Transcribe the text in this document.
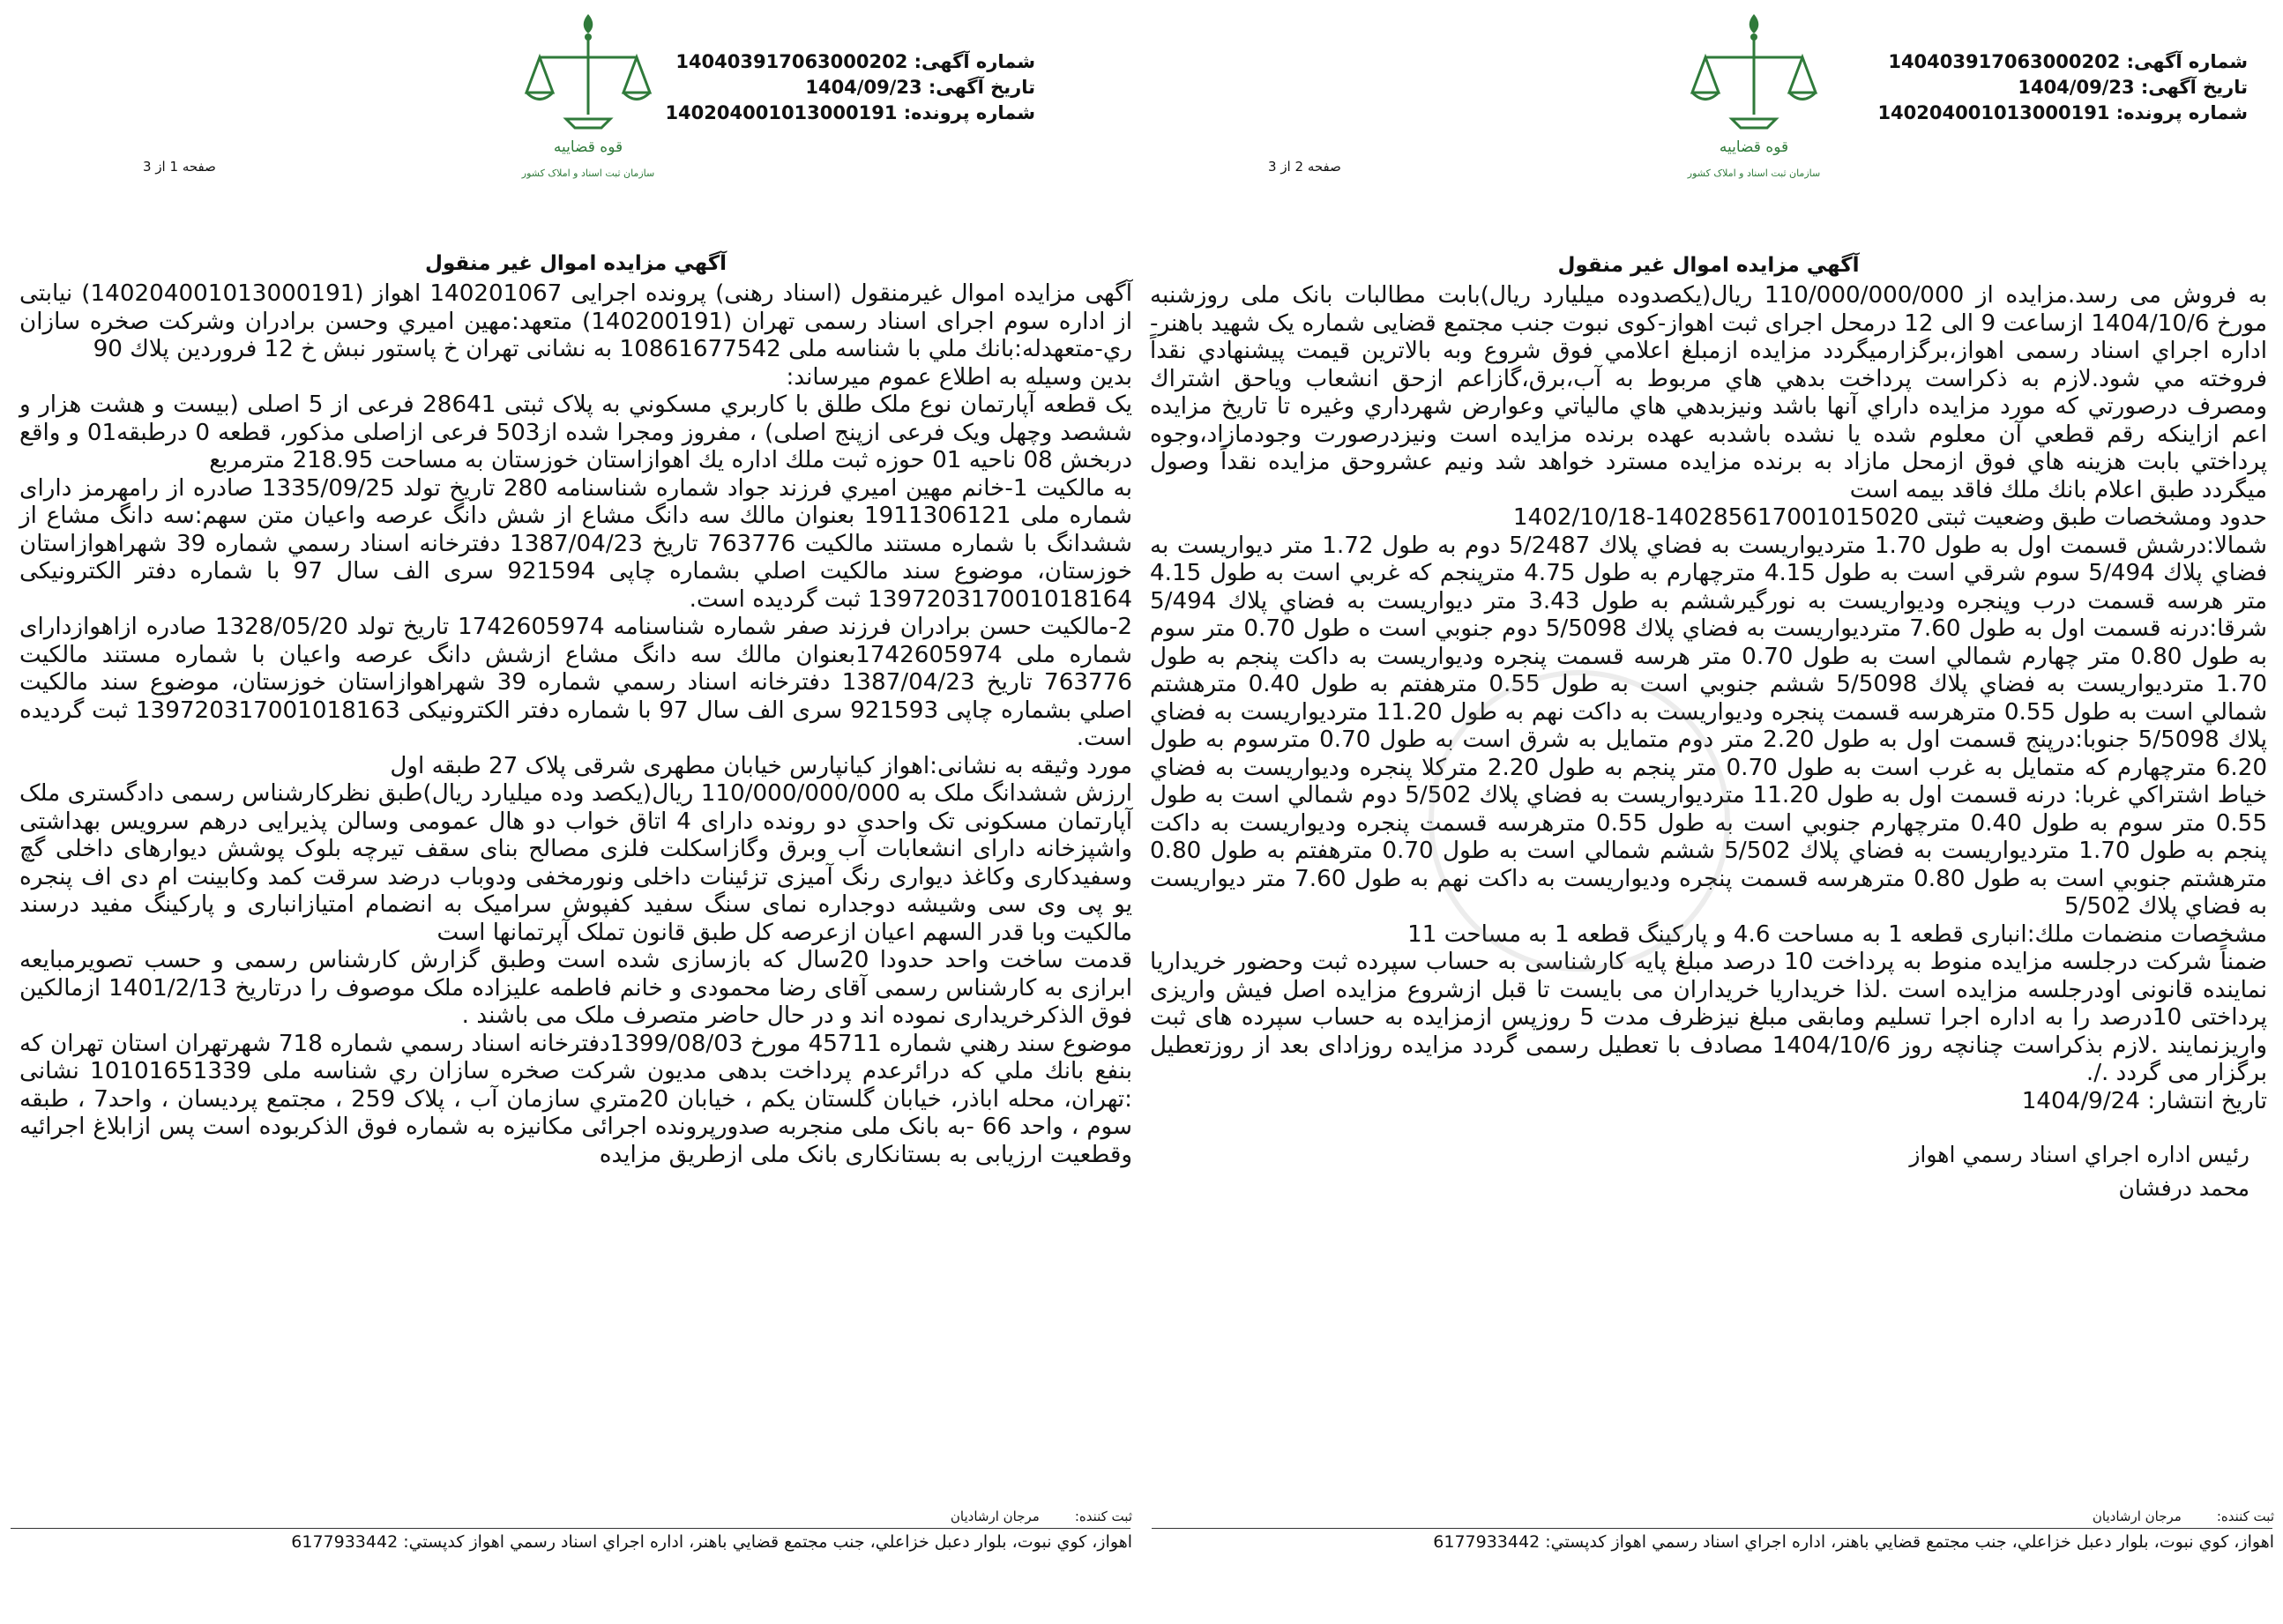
شماره آگهی: 140403917063000202
تاریخ آگهی: 1404/09/23
شماره پرونده: 140204001013000191
قوه قضاییه
سازمان ثبت اسناد و املاک کشور
صفحه 2 از 3
آگهي مزايده اموال غير منقول

به فروش می رسد.مزایده از 110/000/000/000 ریال(یکصدوده میلیارد ریال)بابت مطالبات بانک ملی روزشنبه مورخ 1404/10/6 ازساعت 9 الی 12 درمحل اجرای ثبت اهواز-کوی نبوت جنب مجتمع قضایی شماره یک شهید باهنر-اداره اجراي اسناد رسمی اهواز،برگزارمیگردد مزایده ازمبلغ اعلامي فوق شروع وبه بالاترين قيمت پيشنهادي نقداً فروخته مي شود.لازم به ذكراست پرداخت بدهي هاي مربوط به آب،برق،گازاعم ازحق انشعاب وياحق اشتراك ومصرف درصورتي كه مورد مزايده داراي آنها باشد ونيزبدهي هاي مالياتي وعوارض شهرداري وغيره تا تاريخ مزايده اعم ازاينكه رقم قطعي آن معلوم شده يا نشده باشدبه عهده برنده مزايده است ونيزدرصورت وجودمازاد،وجوه پرداختي بابت هزينه هاي فوق ازمحل مازاد به برنده مزايده مسترد خواهد شد ونيم عشروحق مزايده نقداً وصول ميگردد طبق اعلام بانك ملك فاقد بيمه است

حدود ومشخصات طبق وضعيت ثبتی 140285617001015020-1402/10/18

شمالا:درشش قسمت اول به طول 1.70 متردیواریست به فضاي پلاك 5/2487 دوم به طول 1.72 متر ديواريست به فضاي پلاك 5/494 سوم شرقي است به طول 4.15 مترچهارم به طول 4.75 مترپنجم كه غربي است به طول 4.15 متر هرسه قسمت درب وپنجره وديواريست به نورگيرششم به طول 3.43 متر ديواريست به فضاي پلاك 5/494 شرقا:درنه قسمت اول به طول 7.60 متردیواریست به فضاي پلاك 5/5098 دوم جنوبي است ه طول 0.70 متر سوم به طول 0.80 متر چهارم شمالي است به طول 0.70 متر هرسه قسمت پنجره وديواريست به داكت پنجم به طول 1.70 متردیواریست به فضاي پلاك 5/5098 ششم جنوبي است به طول 0.55 مترهفتم به طول 0.40 مترهشتم شمالي است به طول 0.55 مترهرسه قسمت پنجره وديواريست به داكت نهم به طول 11.20 متردیواریست به فضاي پلاك 5/5098 جنوبا:درپنج قسمت اول به طول 2.20 متر دوم متمايل به شرق است به طول 0.70 مترسوم به طول 6.20 مترچهارم كه متمايل به غرب است به طول 0.70 متر پنجم به طول 2.20 متركلا پنجره وديواريست به فضاي خياط اشتراكي غربا: درنه قسمت اول به طول 11.20 متردیواریست به فضاي پلاك 5/502 دوم شمالي است به طول 0.55 متر سوم به طول 0.40 مترچهارم جنوبي است به طول 0.55 مترهرسه قسمت پنجره وديواريست به داكت پنجم به طول 1.70 متردیواریست به فضاي پلاك 5/502 ششم شمالي است به طول 0.70 مترهفتم به طول 0.80 مترهشتم جنوبي است به طول 0.80 مترهرسه قسمت پنجره وديواريست به داكت نهم به طول 7.60 متر ديواريست به فضاي پلاك 5/502

مشخصات منضمات ملك:انباری قطعه 1 به مساحت 4.6 و پارکینگ قطعه 1 به مساحت 11

ضمناً شرکت درجلسه مزایده منوط به پرداخت 10 درصد مبلغ پایه کارشناسی به حساب سپرده ثبت وحضور خریداریا نماینده قانونی اودرجلسه مزایده است .لذا خریداریا خریداران می بایست تا قبل ازشروع مزایده اصل فیش واریزی پرداختی 10درصد را به اداره اجرا تسلیم ومابقی مبلغ نیزظرف مدت 5 روزپس ازمزایده به حساب سپرده های ثبت واریزنمایند .لازم بذکراست چنانچه روز 1404/10/6 مصادف با تعطیل رسمی گردد مزایده روزادای بعد از روزتعطیل برگزار می گردد ./.

تاریخ انتشار: 1404/9/24

رئيس اداره اجراي اسناد رسمي اهواز
محمد درفشان
ثبت کننده:مرجان ارشادیان
اهواز، كوي نبوت، بلوار دعبل خزاعلي، جنب مجتمع قضايي باهنر، اداره اجراي اسناد رسمي اهواز كدپستي: 6177933442
شماره آگهی: 140403917063000202
تاریخ آگهی: 1404/09/23
شماره پرونده: 140204001013000191
قوه قضاییه
سازمان ثبت اسناد و املاک کشور
صفحه 1 از 3
آگهي مزايده اموال غير منقول

آگهی مزایده اموال غیرمنقول (اسناد رهنی) پرونده اجرایی 140201067 اهواز (140204001013000191) نیابتی از اداره سوم اجرای اسناد رسمی تهران (140200191) متعهد:مهين اميري وحسن برادران وشركت صخره سازان ري-متعهدله:بانك ملي با شناسه ملی 10861677542 به نشانی تهران خ پاستور نبش خ 12 فروردين پلاك 90

بدين وسيله به اطلاع عموم ميرساند:

يک قطعه آپارتمان نوع ملک طلق با کاربري مسکوني به پلاک ثبتی 28641 فرعی از 5 اصلی (بیست و هشت هزار و ششصد وچهل ویک فرعی ازپنج اصلی) ، مفروز ومجرا شده از503 فرعی ازاصلی مذکور، قطعه 0 درطبقه01 و واقع دربخش 08 ناحيه 01 حوزه ثبت ملك اداره يك اهوازاستان خوزستان به مساحت 218.95 مترمربع

به مالکيت 1-خانم مهين اميري فرزند جواد شماره شناسنامه 280 تاريخ تولد 1335/09/25 صادره از رامهرمز دارای شماره ملی 1911306121 بعنوان مالك سه دانگ مشاع از شش دانگ عرصه واعيان متن سهم:سه دانگ مشاع از ششدانگ با شماره مستند مالكيت 763776 تاریخ 1387/04/23 دفترخانه اسناد رسمي شماره 39 شهراهوازاستان خوزستان، موضوع سند مالكيت اصلي بشماره چاپی 921594 سری الف سال 97 با شماره دفتر الکترونیکی 139720317001018164 ثبت گرديده است.

2-مالکيت حسن برادران فرزند صفر شماره شناسنامه 1742605974 تاريخ تولد 1328/05/20 صادره ازاهوازدارای شماره ملی 1742605974بعنوان مالك سه دانگ مشاع ازشش دانگ عرصه واعيان با شماره مستند مالكيت 763776 تاریخ 1387/04/23 دفترخانه اسناد رسمي شماره 39 شهراهوازاستان خوزستان، موضوع سند مالكيت اصلي بشماره چاپی 921593 سری الف سال 97 با شماره دفتر الکترونیکی 139720317001018163 ثبت گرديده است.

مورد وثيقه به نشانی:اهواز کیانپارس خیابان مطهری شرقی پلاک 27 طبقه اول

ارزش ششدانگ ملک به 110/000/000/000 ریال(یکصد وده میلیارد ریال)طبق نظرکارشناس رسمی دادگستری ملک آپارتمان مسکونی تک واحدی دو رونده دارای 4 اتاق خواب دو هال عمومی وسالن پذیرایی درهم سرویس بهداشتی واشپزخانه دارای انشعابات آب وبرق وگازاسکلت فلزی مصالح بنای سقف تیرچه بلوک پوشش دیوارهای داخلی گچ وسفیدکاری وکاغذ دیواری رنگ آمیزی تزئینات داخلی ونورمخفی ودوباب درضد سرقت کمد وکابینت ام دی اف پنجره یو پی وی سی وشیشه دوجداره نمای سنگ سفید کفپوش سرامیک به انضمام امتیازانباری و پارکینگ مفید درسند مالکیت وبا قدر السهم اعیان ازعرصه کل طبق قانون تملک آپرتمانها است

قدمت ساخت واحد حدودا 20سال که بازسازی شده است وطبق گزارش کارشناس رسمی و حسب تصویرمبایعه ابرازی به کارشناس رسمی آقای رضا محمودی و خانم فاطمه علیزاده ملک موصوف را درتاریخ 1401/2/13 ازمالکین فوق الذکرخریداری نموده اند و در حال حاضر متصرف ملک می باشند .

موضوع سند رهني شماره 45711 مورخ 1399/08/03دفترخانه اسناد رسمي شماره 718 شهرتهران استان تهران که بنفع بانك ملي که درائرعدم پرداخت بدهی مدیون شرکت صخره سازان ري شناسه ملی 10101651339 نشانی :تهران، محله اباذر، خیابان گلستان یکم ، خیابان 20متري سازمان آب ، پلاک 259 ، مجتمع پردیسان ، واحد7 ، طبقه سوم ، واحد 66 -به بانک ملی منجربه صدورپرونده اجرائی مکانیزه به شماره فوق الذکربوده است پس ازابلاغ اجرائیه وقطعیت ارزیابی به بستانکاری بانک ملی ازطریق مزایده

ثبت کننده:مرجان ارشادیان
اهواز، كوي نبوت، بلوار دعبل خزاعلي، جنب مجتمع قضايي باهنر، اداره اجراي اسناد رسمي اهواز كدپستي: 6177933442
